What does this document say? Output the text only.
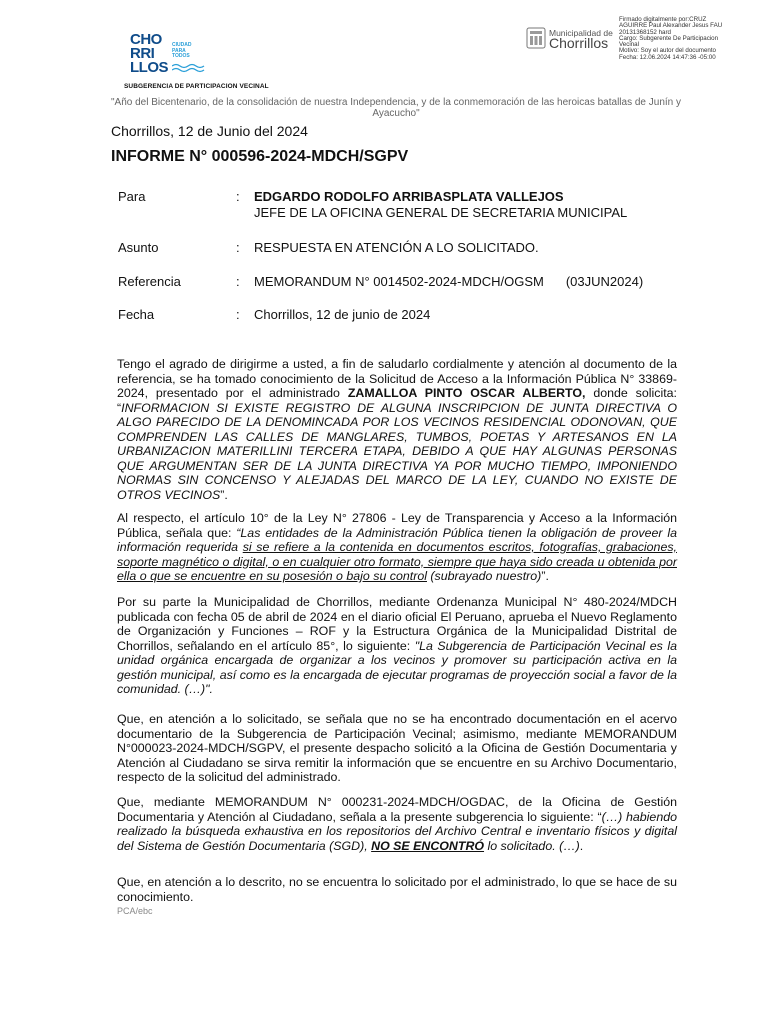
CHO
RRI
LLOS
CIUDAD
PARA
TODOS
SUBGERENCIA DE PARTICIPACION VECINAL
Municipalidad de
Chorrillos
Firmado digitalmente por:CRUZ
AGUIRRE Paul Alexander Jesus FAU
20131368152 hard
Cargo: Subgerente De Participacion
Vecinal
Motivo: Soy el autor del documento
Fecha: 12.06.2024 14:47:36 -05:00
"Año del Bicentenario, de la consolidación de nuestra Independencia, y de la conmemoración de las heroicas batallas de Junín y Ayacucho"
Chorrillos, 12 de Junio del 2024
INFORME N° 000596-2024-MDCH/SGPV
Para	: EDGARDO RODOLFO ARRIBASPLATA VALLEJOS
JEFE DE LA OFICINA GENERAL DE SECRETARIA MUNICIPAL
Asunto	: RESPUESTA EN ATENCIÓN A LO SOLICITADO.
Referencia	: MEMORANDUM N° 0014502-2024-MDCH/OGSM (03JUN2024)
Fecha	: Chorrillos, 12 de junio de 2024

Tengo el agrado de dirigirme a usted, a fin de saludarlo cordialmente y atención al documento de la referencia, se ha tomado conocimiento de la Solicitud de Acceso a la Información Pública N° 33869-2024, presentado por el administrado ZAMALLOA PINTO OSCAR ALBERTO, donde solicita: “INFORMACION SI EXISTE REGISTRO DE ALGUNA INSCRIPCION DE JUNTA DIRECTIVA O ALGO PARECIDO DE LA DENOMINCADA POR LOS VECINOS RESIDENCIAL ODONOVAN, QUE COMPRENDEN LAS CALLES DE MANGLARES, TUMBOS, POETAS Y ARTESANOS EN LA URBANIZACION MATERILLINI TERCERA ETAPA, DEBIDO A QUE HAY ALGUNAS PERSONAS QUE ARGUMENTAN SER DE LA JUNTA DIRECTIVA YA POR MUCHO TIEMPO, IMPONIENDO NORMAS SIN CONCENSO Y ALEJADAS DEL MARCO DE LA LEY, CUANDO NO EXISTE DE OTROS VECINOS”.

Al respecto, el artículo 10° de la Ley N° 27806 - Ley de Transparencia y Acceso a la Información Pública, señala que: “Las entidades de la Administración Pública tienen la obligación de proveer la información requerida si se refiere a la contenida en documentos escritos, fotografías, grabaciones, soporte magnético o digital, o en cualquier otro formato, siempre que haya sido creada u obtenida por ella o que se encuentre en su posesión o bajo su control (subrayado nuestro)”.

Por su parte la Municipalidad de Chorrillos, mediante Ordenanza Municipal N° 480-2024/MDCH publicada con fecha 05 de abril de 2024 en el diario oficial El Peruano, aprueba el Nuevo Reglamento de Organización y Funciones – ROF y la Estructura Orgánica de la Municipalidad Distrital de Chorrillos, señalando en el artículo 85°, lo siguiente: "La Subgerencia de Participación Vecinal es la unidad orgánica encargada de organizar a los vecinos y promover su participación activa en la gestión municipal, así como es la encargada de ejecutar programas de proyección social a favor de la comunidad. (…)".

Que, en atención a lo solicitado, se señala que no se ha encontrado documentación en el acervo documentario de la Subgerencia de Participación Vecinal; asimismo, mediante MEMORANDUM N°000023-2024-MDCH/SGPV, el presente despacho solicitó a la Oficina de Gestión Documentaria y Atención al Ciudadano se sirva remitir la información que se encuentre en su Archivo Documentario, respecto de la solicitud del administrado.

Que, mediante MEMORANDUM N° 000231-2024-MDCH/OGDAC, de la Oficina de Gestión Documentaria y Atención al Ciudadano, señala a la presente subgerencia lo siguiente: “(…) habiendo realizado la búsqueda exhaustiva en los repositorios del Archivo Central e inventario físicos y digital del Sistema de Gestión Documentaria (SGD), NO SE ENCONTRÓ lo solicitado. (…).

Que, en atención a lo descrito, no se encuentra lo solicitado por el administrado, lo que se hace de su conocimiento.

PCA/ebc
